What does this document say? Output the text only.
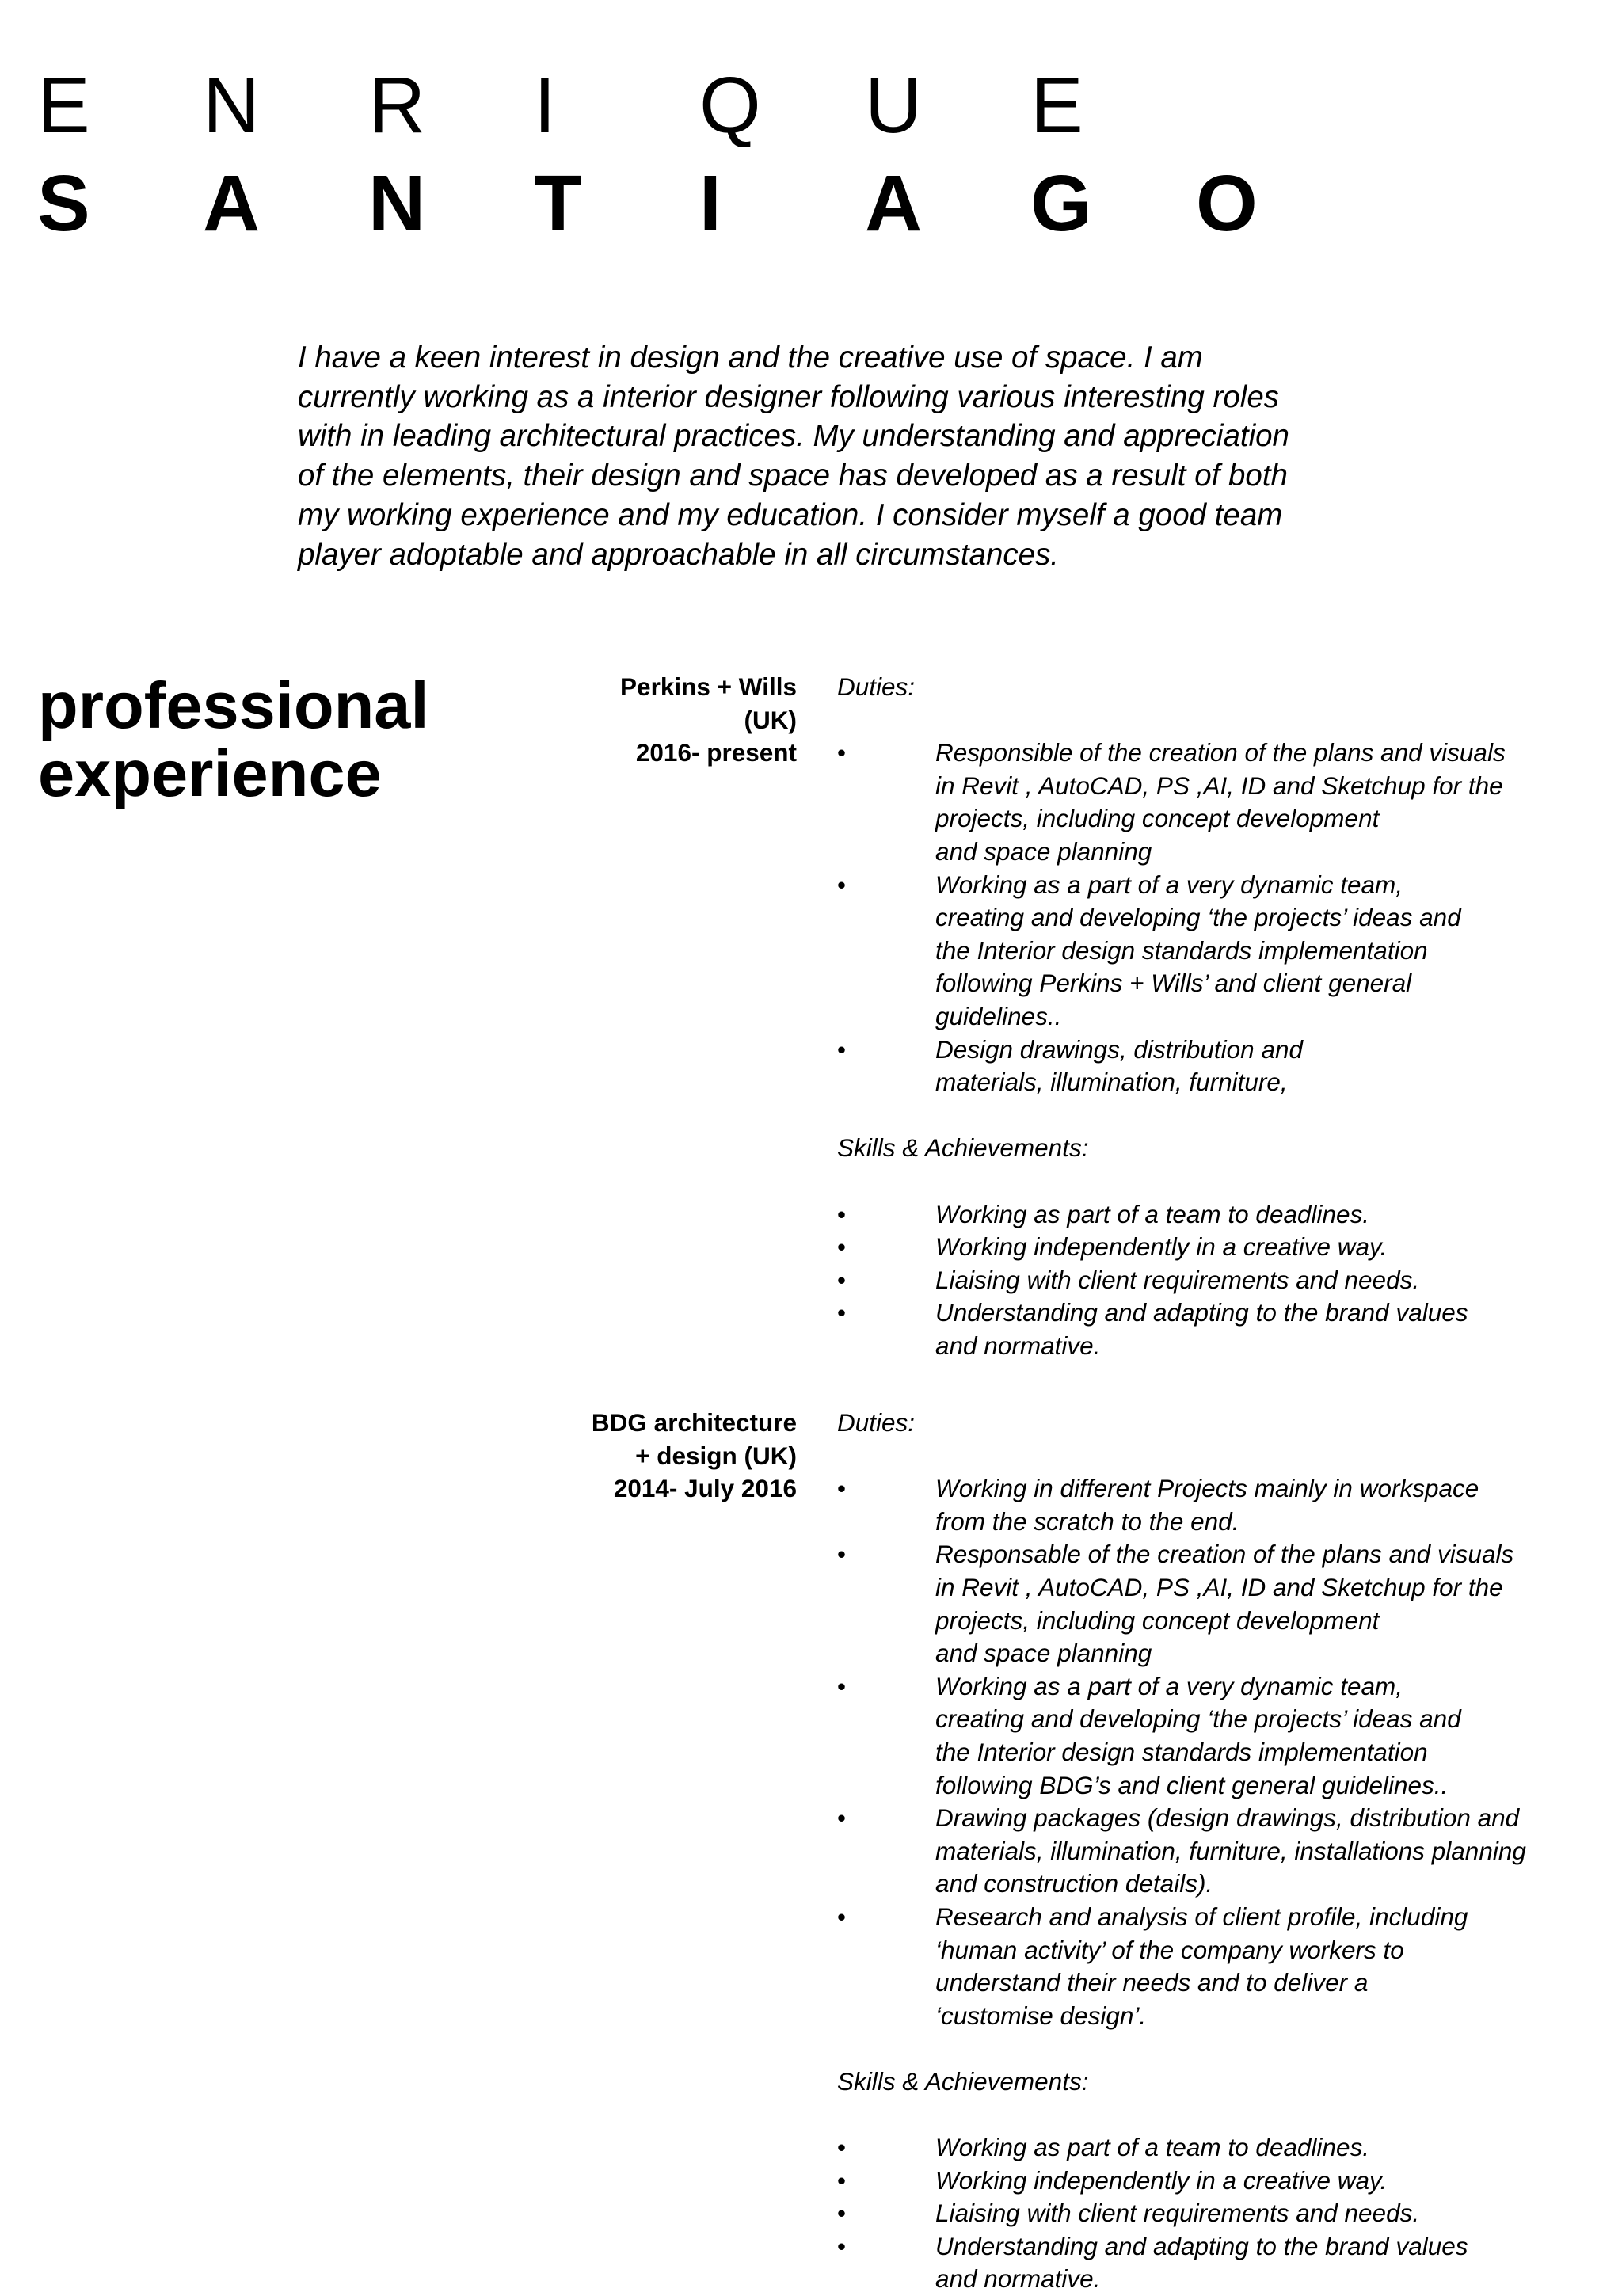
E	N	R	I	Q	U	E
S	A	N	T	I	A	G	O

I have a keen interest in design and the creative use of space. I am
currently working as a interior designer following various interesting roles
with in leading architectural practices. My understanding and appreciation
of the elements, their design and space has developed as a result of both
my working experience and my education. I consider myself a good team
player adoptable and approachable in all circumstances.

professional
experience
Perkins + Wills
(UK)
2016- present

Duties:

• Responsible of the creation of the plans and visuals
in Revit , AutoCAD, PS ,AI, ID and Sketchup for the
projects, including concept development
and space planning
• Working as a part of a very dynamic team,
creating and developing ‘the projects’ ideas and
the Interior design standards implementation
following Perkins + Wills’ and client general
guidelines..
• Design drawings, distribution and
materials, illumination, furniture,

Skills & Achievements:

• Working as part of a team to deadlines.
• Working independently in a creative way.
• Liaising with client requirements and needs.
• Understanding and adapting to the brand values
and normative.
BDG architecture
+ design (UK)
2014- July 2016

Duties:

• Working in different Projects mainly in workspace
from the scratch to the end.
• Responsable of the creation of the plans and visuals
in Revit , AutoCAD, PS ,AI, ID and Sketchup for the
projects, including concept development
and space planning
• Working as a part of a very dynamic team,
creating and developing ‘the projects’ ideas and
the Interior design standards implementation
following BDG’s and client general guidelines..
• Drawing packages (design drawings, distribution and
materials, illumination, furniture, installations planning
and construction details).
• Research and analysis of client profile, including
‘human activity’ of the company workers to
understand their needs and to deliver a
‘customise design’.

Skills & Achievements:

• Working as part of a team to deadlines.
• Working independently in a creative way.
• Liaising with client requirements and needs.
• Understanding and adapting to the brand values
and normative.
